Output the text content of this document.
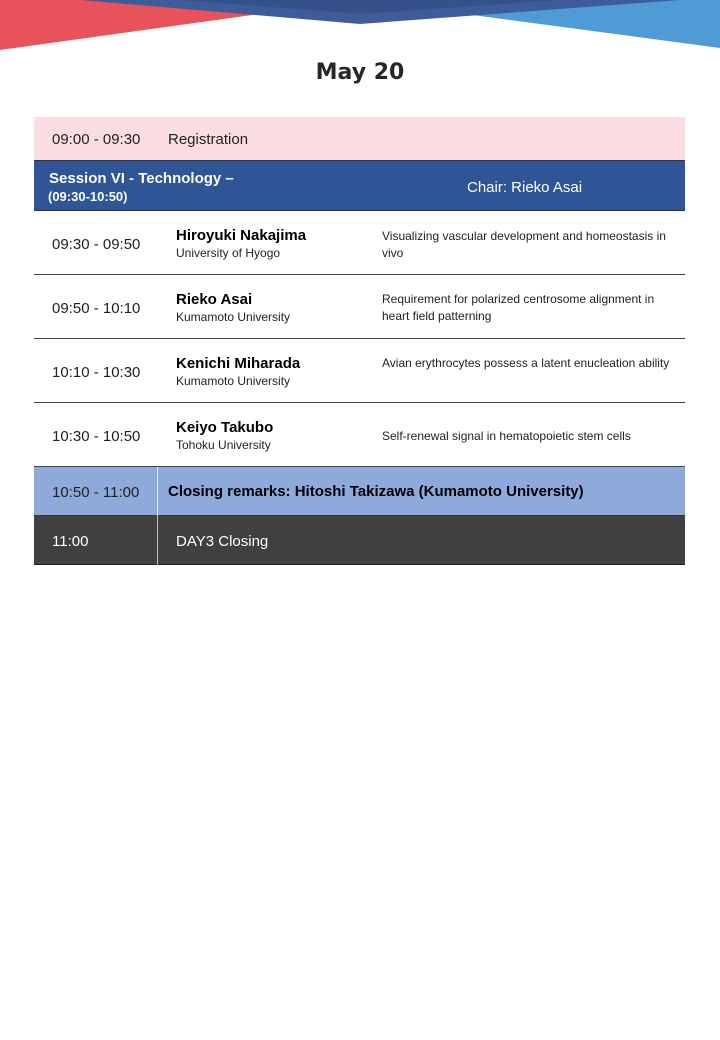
May 20
09:00 - 09:30 Registration
Session VI - Technology –
(09:30-10:50)
Chair: Rieko Asai
09:30 - 09:50
Hiroyuki Nakajima
University of Hyogo
Visualizing vascular development and homeostasis in vivo
09:50 - 10:10
Rieko Asai
Kumamoto University
Requirement for polarized centrosome alignment in heart field patterning
10:10 - 10:30
Kenichi Miharada
Kumamoto University
Avian erythrocytes possess a latent enucleation ability
10:30 - 10:50
Keiyo Takubo
Tohoku University
Self-renewal signal in hematopoietic stem cells
10:50 - 11:00 Closing remarks: Hitoshi Takizawa (Kumamoto University)
11:00	DAY3 Closing
